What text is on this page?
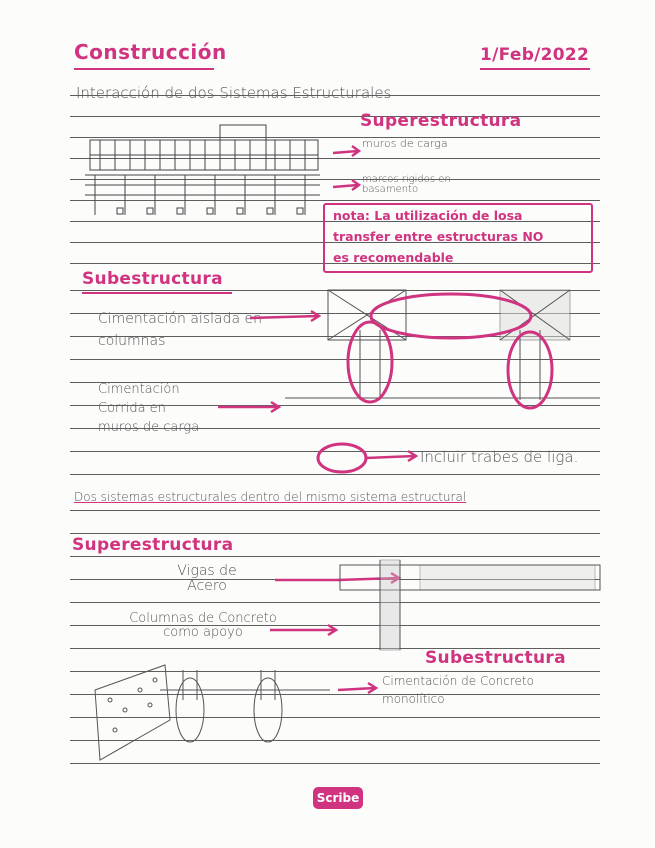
Construcción	1/Feb/2022
Interacción de dos Sistemas Estructurales
Superestructura
muros de carga
marcos rigidos en basamento
nota: La utilización de losa
transfer entre estructuras NO
es recomendable
Subestructura
Cimentación aislada en columnas
Cimentación Corrida en muros de carga
Incluir trabes de liga.
Dos sistemas estructurales dentro del mismo sistema estructural
Superestructura
Vigas de Acero
Columnas de Concreto como apoyo
Subestructura
Cimentación de Concreto monolítico
Scribe
